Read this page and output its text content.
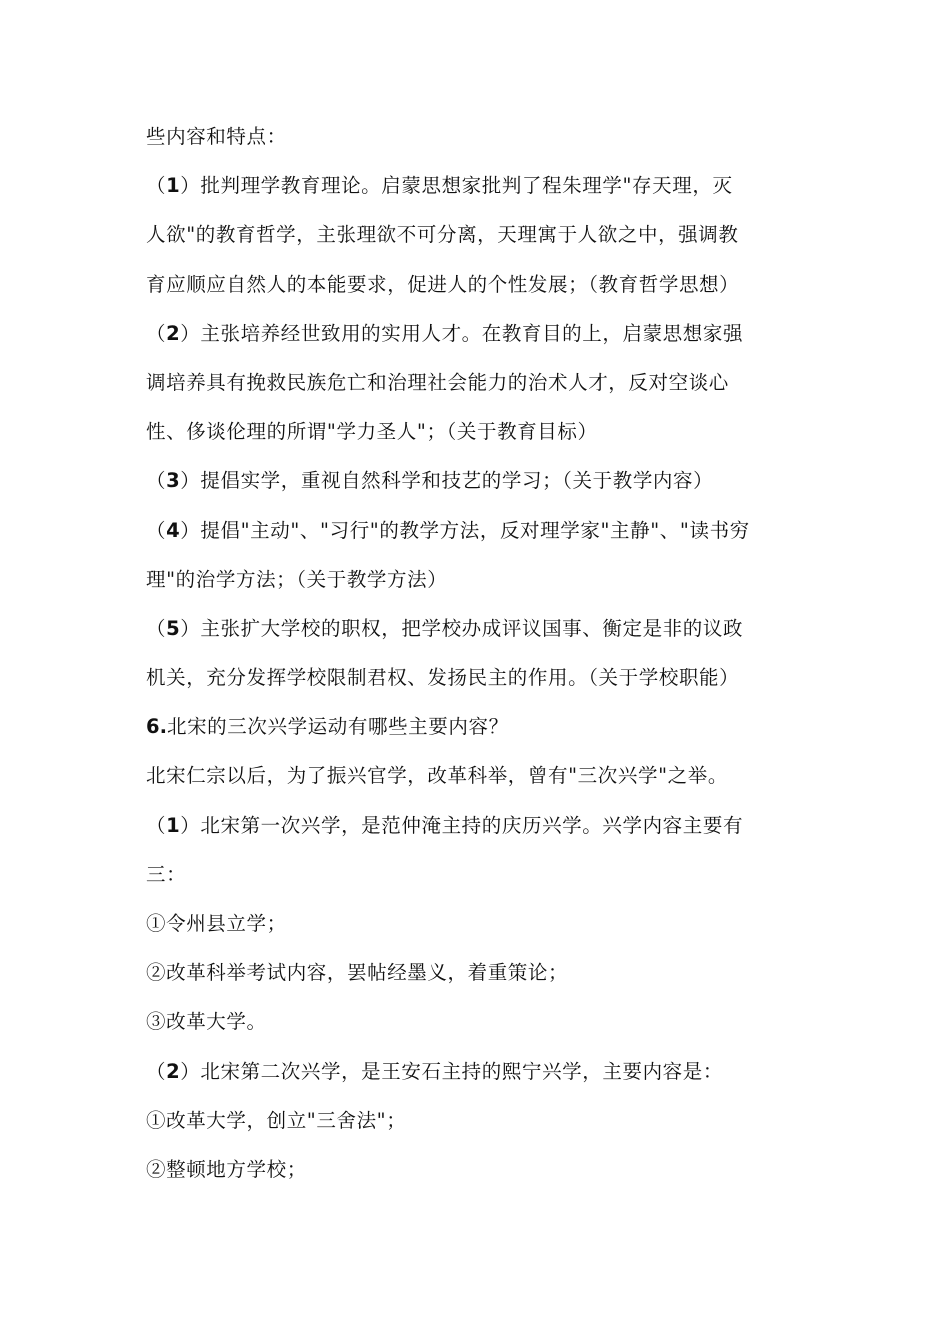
些内容和特点：
（1）批判理学教育理论。启蒙思想家批判了程朱理学"存天理，灭
人欲"的教育哲学，主张理欲不可分离，天理寓于人欲之中，强调教
育应顺应自然人的本能要求，促进人的个性发展；（教育哲学思想）
（2）主张培养经世致用的实用人才。在教育目的上，启蒙思想家强
调培养具有挽救民族危亡和治理社会能力的治术人才，反对空谈心
性、侈谈伦理的所谓"学力圣人"；（关于教育目标）
（3）提倡实学，重视自然科学和技艺的学习；（关于教学内容）
（4）提倡"主动"、"习行"的教学方法，反对理学家"主静"、"读书穷
理"的治学方法；（关于教学方法）
（5）主张扩大学校的职权，把学校办成评议国事、衡定是非的议政
机关，充分发挥学校限制君权、发扬民主的作用。（关于学校职能）
6.北宋的三次兴学运动有哪些主要内容？
北宋仁宗以后，为了振兴官学，改革科举，曾有"三次兴学"之举。
（1）北宋第一次兴学，是范仲淹主持的庆历兴学。兴学内容主要有
三：
①令州县立学；
②改革科举考试内容，罢帖经墨义，着重策论；
③改革大学。
（2）北宋第二次兴学，是王安石主持的熙宁兴学，主要内容是：
①改革大学，创立"三舍法"；
②整顿地方学校；
